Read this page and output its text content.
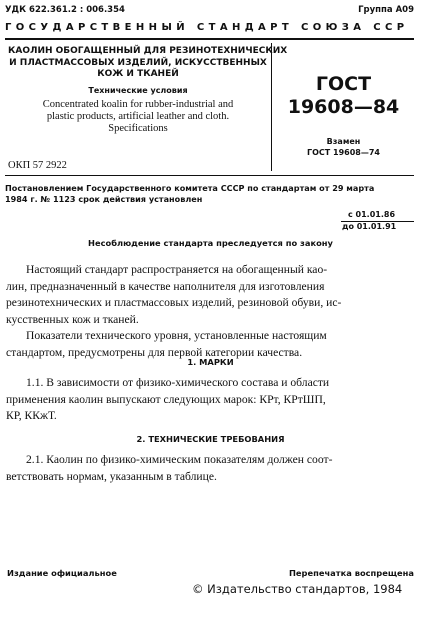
УДК 622.361.2 : 006.354	Группа А09
ГОСУДАРСТВЕННЫЙ СТАНДАРТ СОЮЗА ССР
КАОЛИН ОБОГАЩЕННЫЙ ДЛЯ РЕЗИНОТЕХНИЧЕСКИХ
И ПЛАСТМАССОВЫХ ИЗДЕЛИЙ, ИСКУССТВЕННЫХ
КОЖ И ТКАНЕЙ
Технические условия
Concentrated koalin for rubber-industrial and
plastic products, artificial leather and cloth.
Specifications
ОКП 57 2922
ГОСТ
19608—84
Взамен
ГОСТ 19608—74
Постановлением Государственного комитета СССР по стандартам от 29 марта
1984 г. № 1123 срок действия установлен
с 01.01.86
до 01.01.91
Несоблюдение стандарта преследуется по закону
Настоящий стандарт распространяется на обогащенный као-
лин, предназначенный в качестве наполнителя для изготовления
резинотехнических и пластмассовых изделий, резиновой обуви, ис-
кусственных кож и тканей.
Показатели технического уровня, установленные настоящим
стандартом, предусмотрены для первой категории качества.
1. МАРКИ
1.1. В зависимости от физико-химического состава и области
применения каолин выпускают следующих марок: КРт, КРтШП,
КР, ККжТ.
2. ТЕХНИЧЕСКИЕ ТРЕБОВАНИЯ
2.1. Каолин по физико-химическим показателям должен соот-
ветствовать нормам, указанным в таблице.
Издание официальное	Перепечатка воспрещена
© Издательство стандартов, 1984
